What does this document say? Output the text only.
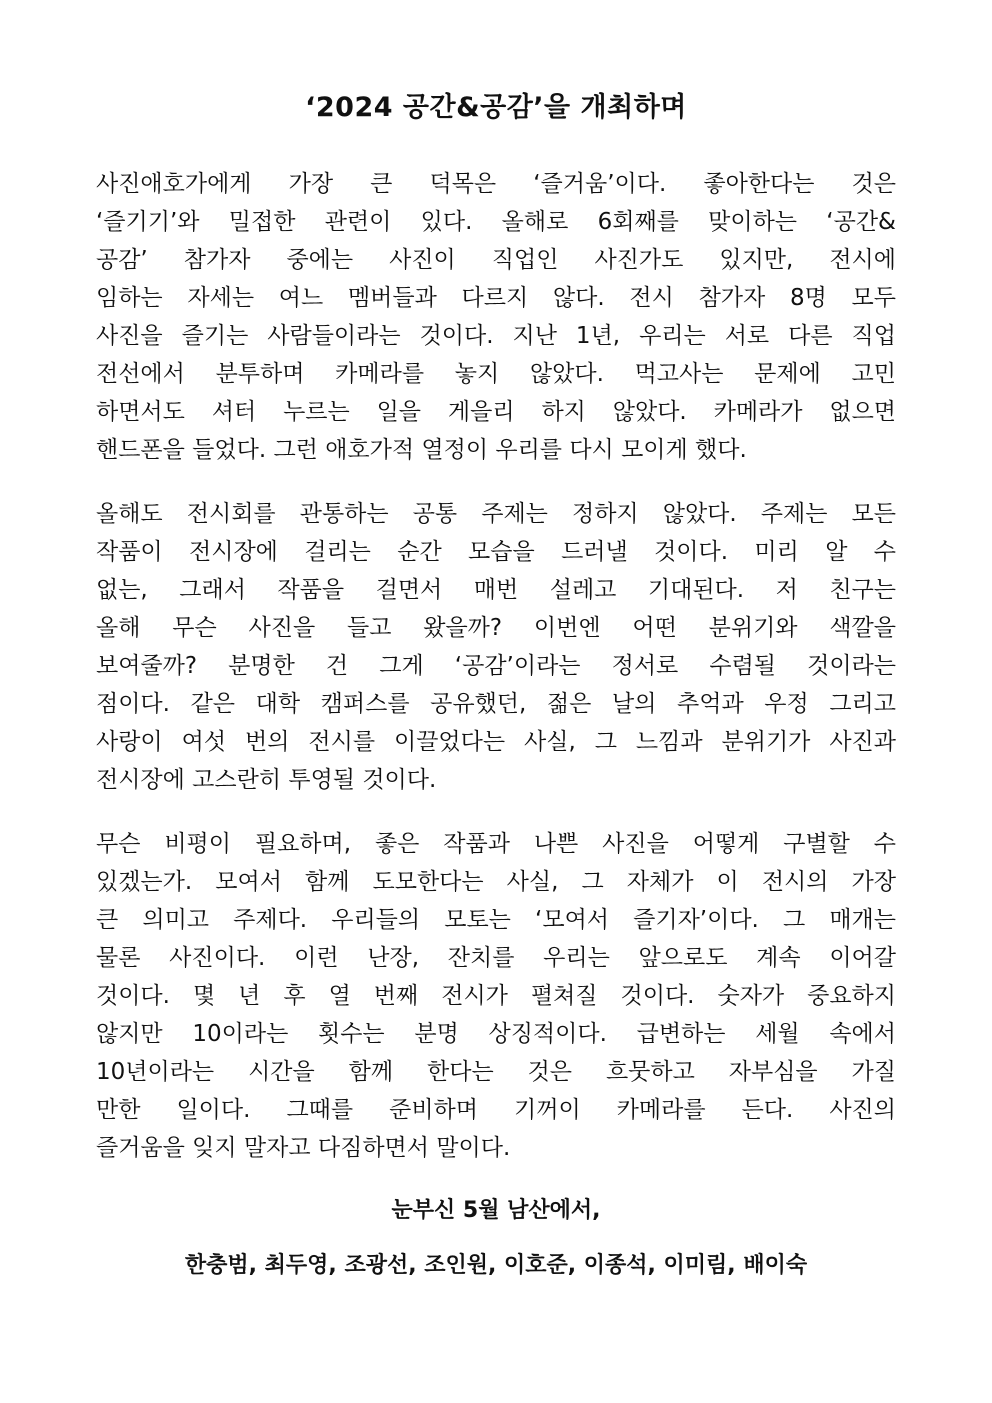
‘2024 공간&공감’을 개최하며
사진애호가에게 가장 큰 덕목은 ‘즐거움’이다. 좋아한다는 것은
‘즐기기’와 밀접한 관련이 있다. 올해로 6회째를 맞이하는 ‘공간&
공감’ 참가자 중에는 사진이 직업인 사진가도 있지만, 전시에
임하는 자세는 여느 멤버들과 다르지 않다. 전시 참가자 8명 모두
사진을 즐기는 사람들이라는 것이다. 지난 1년, 우리는 서로 다른 직업
전선에서 분투하며 카메라를 놓지 않았다. 먹고사는 문제에 고민
하면서도 셔터 누르는 일을 게을리 하지 않았다. 카메라가 없으면
핸드폰을 들었다. 그런 애호가적 열정이 우리를 다시 모이게 했다.
올해도 전시회를 관통하는 공통 주제는 정하지 않았다. 주제는 모든
작품이 전시장에 걸리는 순간 모습을 드러낼 것이다. 미리 알 수
없는, 그래서 작품을 걸면서 매번 설레고 기대된다. 저 친구는
올해 무슨 사진을 들고 왔을까? 이번엔 어떤 분위기와 색깔을
보여줄까? 분명한 건 그게 ‘공감’이라는 정서로 수렴될 것이라는
점이다. 같은 대학 캠퍼스를 공유했던, 젊은 날의 추억과 우정 그리고
사랑이 여섯 번의 전시를 이끌었다는 사실, 그 느낌과 분위기가 사진과
전시장에 고스란히 투영될 것이다.
무슨 비평이 필요하며, 좋은 작품과 나쁜 사진을 어떻게 구별할 수
있겠는가. 모여서 함께 도모한다는 사실, 그 자체가 이 전시의 가장
큰 의미고 주제다. 우리들의 모토는 ‘모여서 즐기자’이다. 그 매개는
물론 사진이다. 이런 난장, 잔치를 우리는 앞으로도 계속 이어갈
것이다. 몇 년 후 열 번째 전시가 펼쳐질 것이다. 숫자가 중요하지
않지만 10이라는 횟수는 분명 상징적이다. 급변하는 세월 속에서
10년이라는 시간을 함께 한다는 것은 흐뭇하고 자부심을 가질
만한 일이다. 그때를 준비하며 기꺼이 카메라를 든다. 사진의
즐거움을 잊지 말자고 다짐하면서 말이다.
눈부신 5월 남산에서,
한충범, 최두영, 조광선, 조인원, 이호준, 이종석, 이미림, 배이숙
